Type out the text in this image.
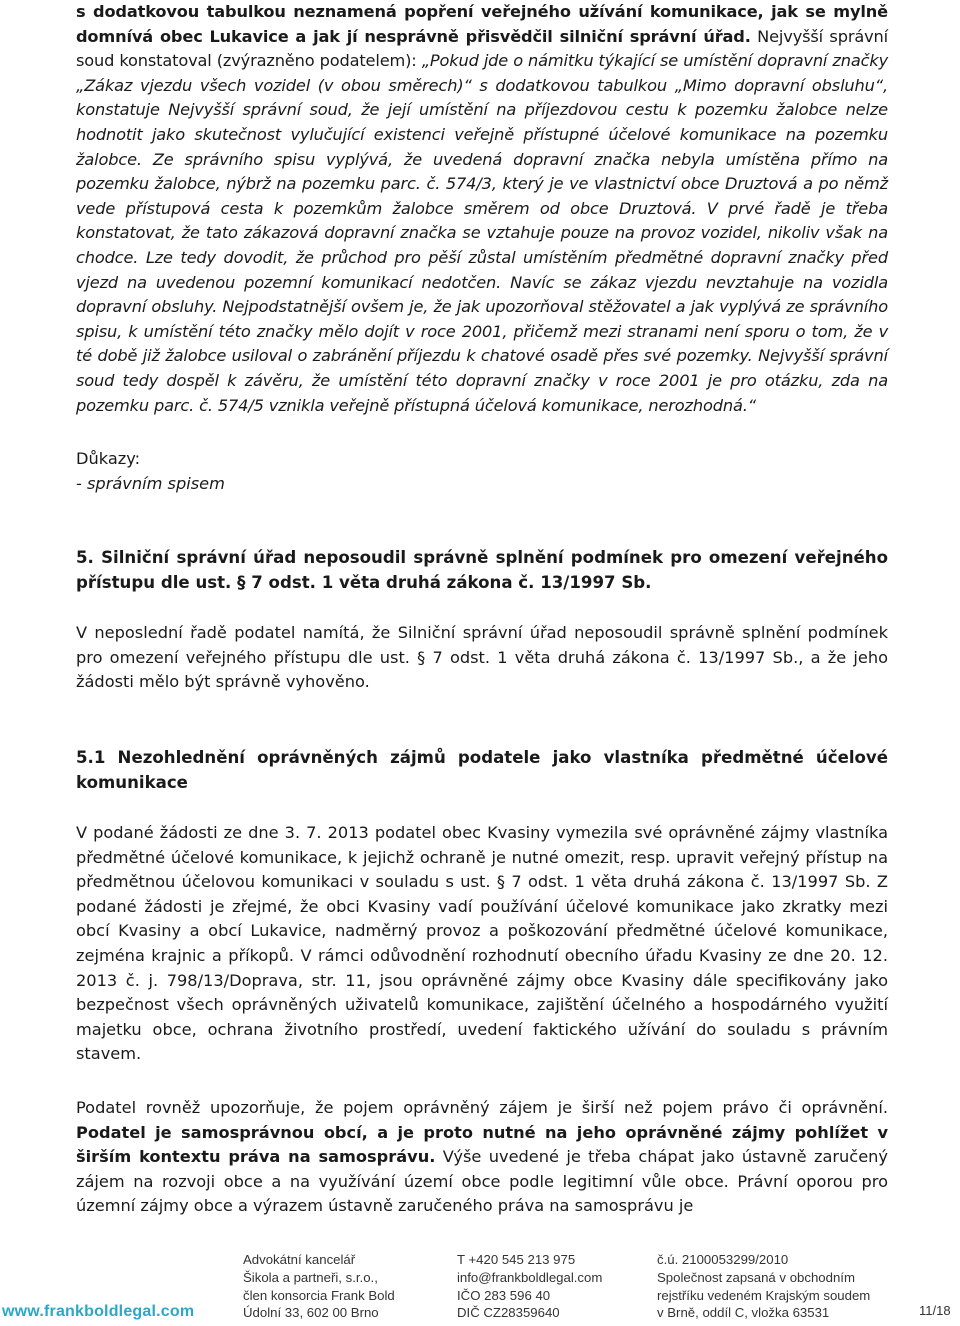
s dodatkovou tabulkou neznamená popření veřejného užívání komunikace, jak se mylně domnívá obec Lukavice a jak jí nesprávně přisvědčil silniční správní úřad. Nejvyšší správní soud konstatoval (zvýrazněno podatelem): „Pokud jde o námitku týkající se umístění dopravní značky „Zákaz vjezdu všech vozidel (v obou směrech)“ s dodatkovou tabulkou „Mimo dopravní obsluhu“, konstatuje Nejvyšší správní soud, že její umístění na příjezdovou cestu k pozemku žalobce nelze hodnotit jako skutečnost vylučující existenci veřejně přístupné účelové komunikace na pozemku žalobce. Ze správního spisu vyplývá, že uvedená dopravní značka nebyla umístěna přímo na pozemku žalobce, nýbrž na pozemku parc. č. 574/3, který je ve vlastnictví obce Druztová a po němž vede přístupová cesta k pozemkům žalobce směrem od obce Druztová. V prvé řadě je třeba konstatovat, že tato zákazová dopravní značka se vztahuje pouze na provoz vozidel, nikoliv však na chodce. Lze tedy dovodit, že průchod pro pěší zůstal umístěním předmětné dopravní značky před vjezd na uvedenou pozemní komunikací nedotčen. Navíc se zákaz vjezdu nevztahuje na vozidla dopravní obsluhy. Nejpodstatnější ovšem je, že jak upozorňoval stěžovatel a jak vyplývá ze správního spisu, k umístění této značky mělo dojít v roce 2001, přičemž mezi stranami není sporu o tom, že v té době již žalobce usiloval o zabránění příjezdu k chatové osadě přes své pozemky. Nejvyšší správní soud tedy dospěl k závěru, že umístění této dopravní značky v roce 2001 je pro otázku, zda na pozemku parc. č. 574/5 vznikla veřejně přístupná účelová komunikace, nerozhodná.“

Důkazy:

- správním spisem

5. Silniční správní úřad neposoudil správně splnění podmínek pro omezení veřejného přístupu dle ust. § 7 odst. 1 věta druhá zákona č. 13/1997 Sb.

V neposlední řadě podatel namítá, že Silniční správní úřad neposoudil správně splnění podmínek pro omezení veřejného přístupu dle ust. § 7 odst. 1 věta druhá zákona č. 13/1997 Sb., a že jeho žádosti mělo být správně vyhověno.

5.1 Nezohlednění oprávněných zájmů podatele jako vlastníka předmětné účelové komunikace

V podané žádosti ze dne 3. 7. 2013 podatel obec Kvasiny vymezila své oprávněné zájmy vlastníka předmětné účelové komunikace, k jejichž ochraně je nutné omezit, resp. upravit veřejný přístup na předmětnou účelovou komunikaci v souladu s ust. § 7 odst. 1 věta druhá zákona č. 13/1997 Sb. Z podané žádosti je zřejmé, že obci Kvasiny vadí používání účelové komunikace jako zkratky mezi obcí Kvasiny a obcí Lukavice, nadměrný provoz a poškozování předmětné účelové komunikace, zejména krajnic a příkopů. V rámci odůvodnění rozhodnutí obecního úřadu Kvasiny ze dne 20. 12. 2013 č. j. 798/13/Doprava, str. 11, jsou oprávněné zájmy obce Kvasiny dále specifikovány jako bezpečnost všech oprávněných uživatelů komunikace, zajištění účelného a hospodárného využití majetku obce, ochrana životního prostředí, uvedení faktického užívání do souladu s právním stavem.

Podatel rovněž upozorňuje, že pojem oprávněný zájem je širší než pojem právo či oprávnění. Podatel je samosprávnou obcí, a je proto nutné na jeho oprávněné zájmy pohlížet v širším kontextu práva na samosprávu. Výše uvedené je třeba chápat jako ústavně zaručený zájem na rozvoji obce a na využívání území obce podle legitimní vůle obce. Právní oporou pro územní zájmy obce a výrazem ústavně zaručeného práva na samosprávu je

www.frankboldlegal.com
Advokátní kancelář
Šikola a partneři, s.r.o.,
člen konsorcia Frank Bold
Údolní 33, 602 00 Brno
T +420 545 213 975
info@frankboldlegal.com
IČO 283 596 40
DIČ CZ28359640
č.ú. 2100053299/2010
Společnost zapsaná v obchodním
rejstříku vedeném Krajským soudem
v Brně, oddíl C, vložka 63531	11/18
